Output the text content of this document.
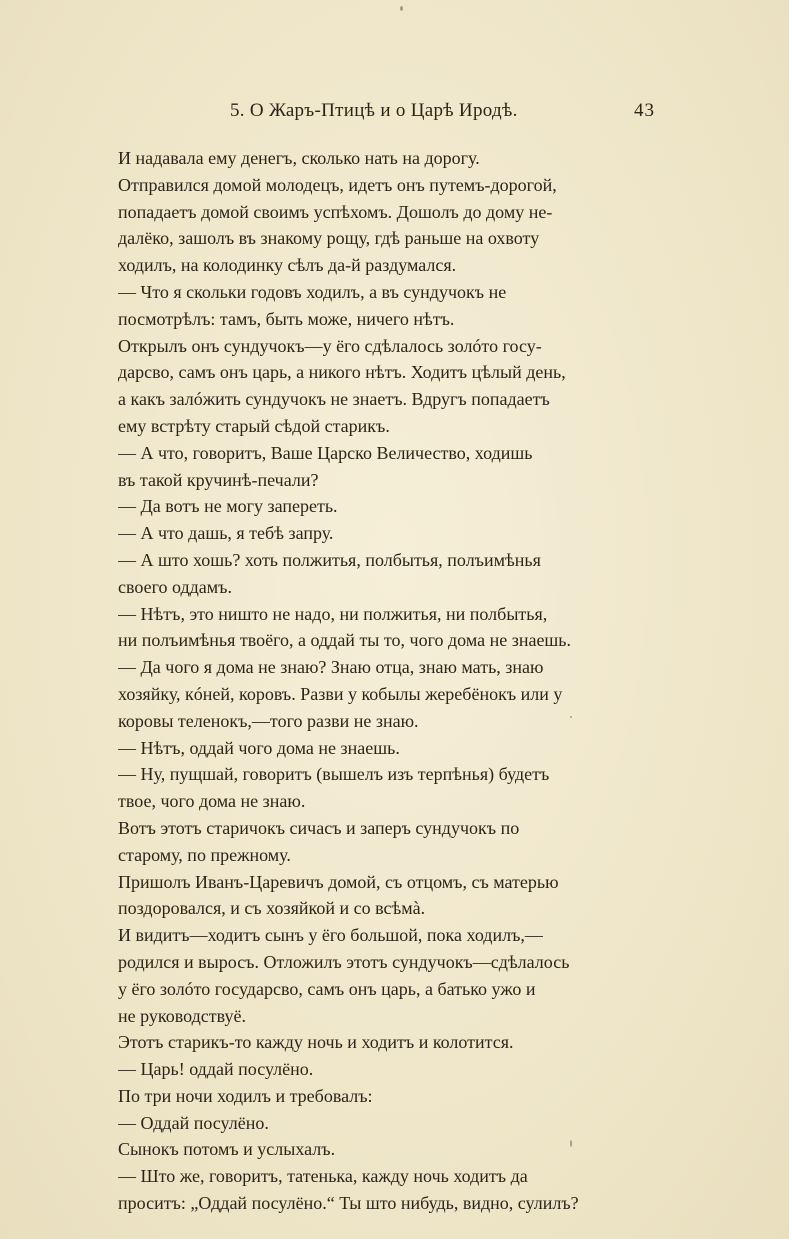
5. О Жаръ-Птицѣ и о Царѣ Иродѣ.	43
И надавала ему денегъ, сколько нать на дорогу.
Отправился домой молодецъ, идетъ онъ путемъ-дорогой,
попадаетъ домой своимъ успѣхомъ. Дошолъ до дому не-
далёко, зашолъ въ знакому рощу, гдѣ раньше на охвоту
ходилъ, на колодинку сѣлъ да-й раздумался.
— Что я скольки годовъ ходилъ, а въ сундучокъ не
посмотрѣлъ: тамъ, быть може, ничего нѣтъ.
Открылъ онъ сундучокъ—у ёго сдѣлалось золóто госу-
дарсво, самъ онъ царь, а никого нѣтъ. Ходитъ цѣлый день,
а какъ залóжить сундучокъ не знаетъ. Вдругъ попадаетъ
ему встрѣту старый сѣдой старикъ.
— А что, говоритъ, Ваше Царско Величество, ходишь
въ такой кручинѣ-печали?
— Да вотъ не могу запереть.
— А что дашь, я тебѣ запру.
— А што хошь? хоть полжитья, полбытья, полъимѣнья
своего оддамъ.
— Нѣтъ, это ништо не надо, ни полжитья, ни полбытья,
ни полъимѣнья твоёго, а оддай ты то, чого дома не знаешь.
— Да чого я дома не знаю? Знаю отца, знаю мать, знаю
хозяйку, кóней, коровъ. Разви у кобылы жеребёнокъ или у
коровы теленокъ,—того разви не знаю.
— Нѣтъ, оддай чого дома не знаешь.
— Ну, пущшай, говоритъ (вышелъ изъ терпѣнья) будетъ
твое, чого дома не знаю.
Вотъ этотъ старичокъ сичасъ и заперъ сундучокъ по
старому, по прежному.
Пришолъ Иванъ-Царевичъ домой, съ отцомъ, съ матерью
поздоровался, и съ хозяйкой и со всѣмà.
И видитъ—ходитъ сынъ у ёго большой, пока ходилъ,—
родился и выросъ. Отложилъ этотъ сундучокъ—сдѣлалось
у ёго золóто государсво, самъ онъ царь, а батько ужо и
не руководствуё.
Этотъ старикъ-то кажду ночь и ходитъ и колотится.
— Царь! оддай посулёно.
По три ночи ходилъ и требовалъ:
— Оддай посулёно.
Сынокъ потомъ и услыхалъ.
— Што же, говоритъ, татенька, кажду ночь ходитъ да
проситъ: „Оддай посулёно.“ Ты што нибудь, видно, сулилъ?
